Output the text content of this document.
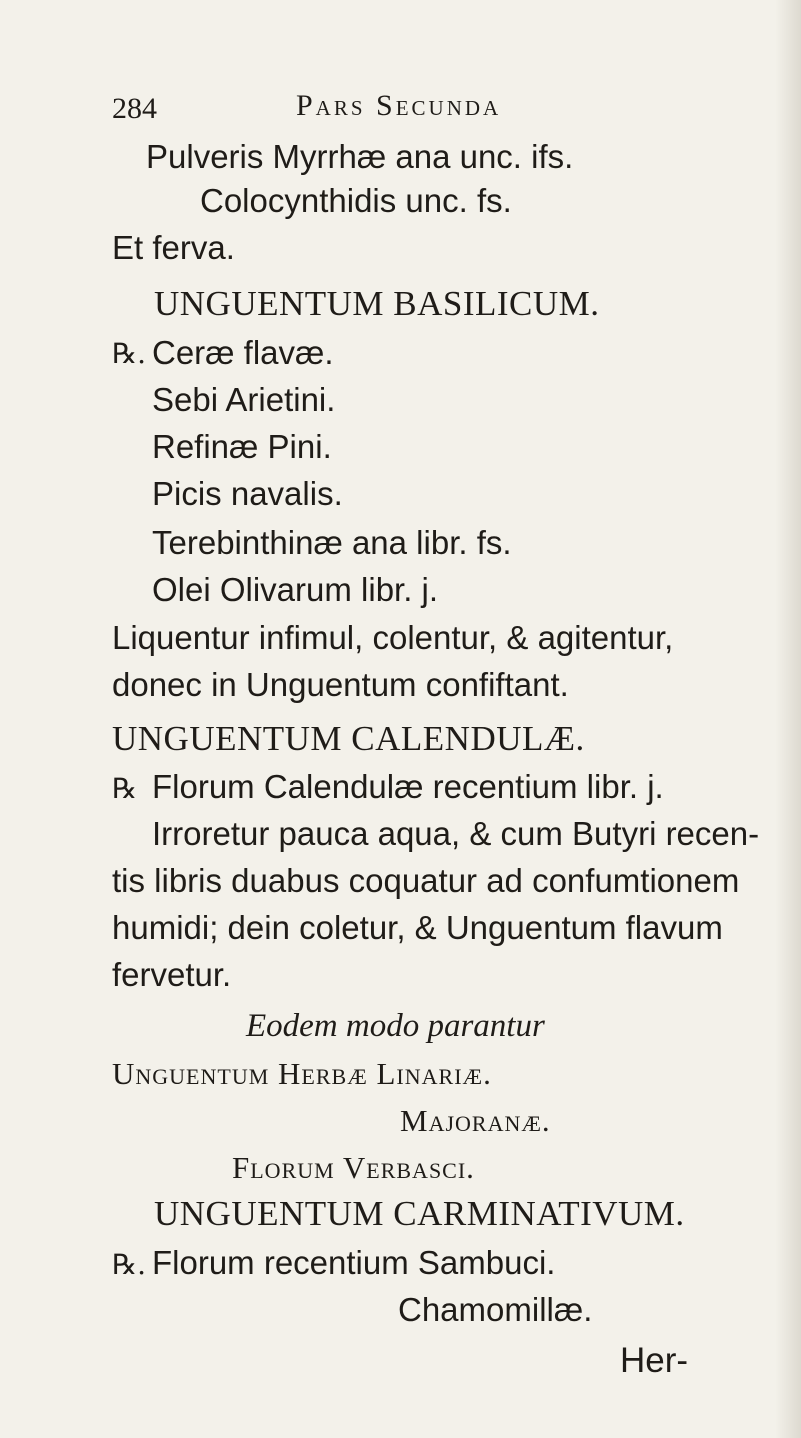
284	Pars Secunda
Pulveris Myrrhæ ana unc. ifs.
Colocynthidis unc. fs.
Et ferva.
UNGUENTUM BASILICUM.
℞. Ceræ flavæ.
Sebi Arietini.
Refinæ Pini.
Picis navalis.
Terebinthinæ ana libr. fs.
Olei Olivarum libr. j.
Liquentur infimul, colentur, & agitentur,
donec in Unguentum confiftant.
UNGUENTUM CALENDULÆ.
℞ Florum Calendulæ recentium libr. j.
Irroretur pauca aqua, & cum Butyri recen-
tis libris duabus coquatur ad confumtionem
humidi; dein coletur, & Unguentum flavum
fervetur.
Eodem modo parantur
Unguentum Herbæ Linariæ.
Majoranæ.
Florum Verbasci.
UNGUENTUM CARMINATIVUM.
℞. Florum recentium Sambuci.
Chamomillæ.
Her-
